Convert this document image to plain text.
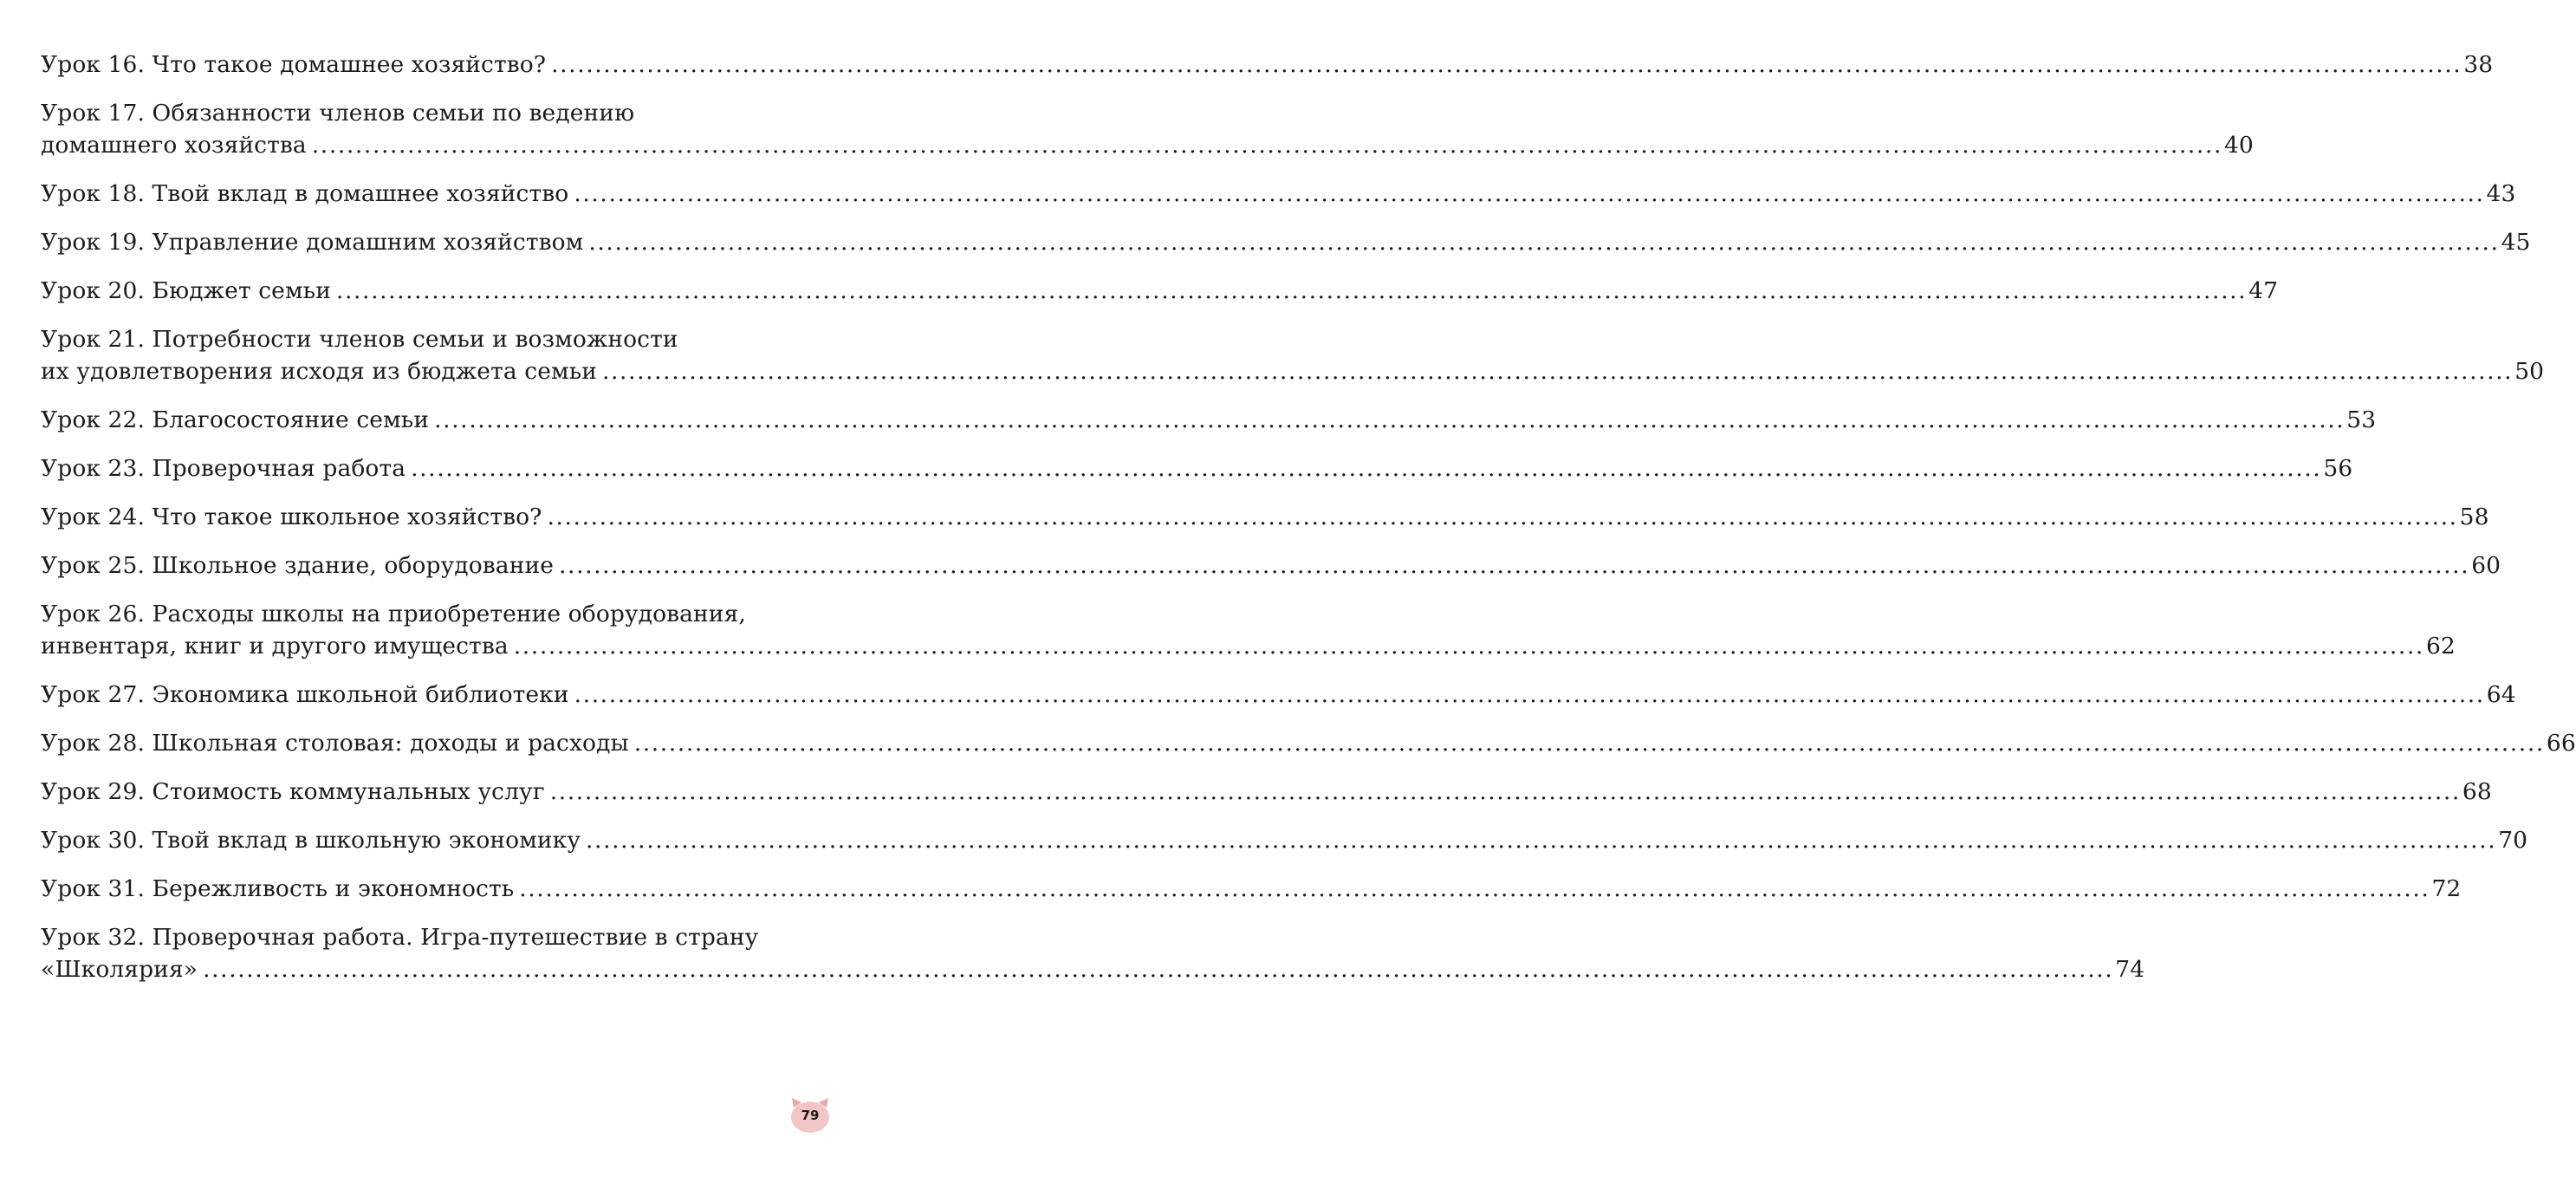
Урок 16. Что такое домашнее хозяйство? ............................................................................................................................................................................................................................ 38
Урок 17. Обязанности членов семьи по ведению
домашнего хозяйства ............................................................................................................................................................................................................................ 40
Урок 18. Твой вклад в домашнее хозяйство ............................................................................................................................................................................................................................ 43
Урок 19. Управление домашним хозяйством ............................................................................................................................................................................................................................ 45
Урок 20. Бюджет семьи ............................................................................................................................................................................................................................ 47
Урок 21. Потребности членов семьи и возможности
их удовлетворения исходя из бюджета семьи ............................................................................................................................................................................................................................ 50
Урок 22. Благосостояние семьи ............................................................................................................................................................................................................................ 53
Урок 23. Проверочная работа ............................................................................................................................................................................................................................ 56
Урок 24. Что такое школьное хозяйство? ............................................................................................................................................................................................................................ 58
Урок 25. Школьное здание, оборудование ............................................................................................................................................................................................................................ 60
Урок 26. Расходы школы на приобретение оборудования,
инвентаря, книг и другого имущества ............................................................................................................................................................................................................................ 62
Урок 27. Экономика школьной библиотеки ............................................................................................................................................................................................................................ 64
Урок 28. Школьная столовая: доходы и расходы ............................................................................................................................................................................................................................ 66
Урок 29. Стоимость коммунальных услуг ............................................................................................................................................................................................................................ 68
Урок 30. Твой вклад в школьную экономику ............................................................................................................................................................................................................................ 70
Урок 31. Бережливость и экономность ............................................................................................................................................................................................................................ 72
Урок 32. Проверочная работа. Игра-путешествие в страну
«Школярия» ............................................................................................................................................................................................................................ 74
79
